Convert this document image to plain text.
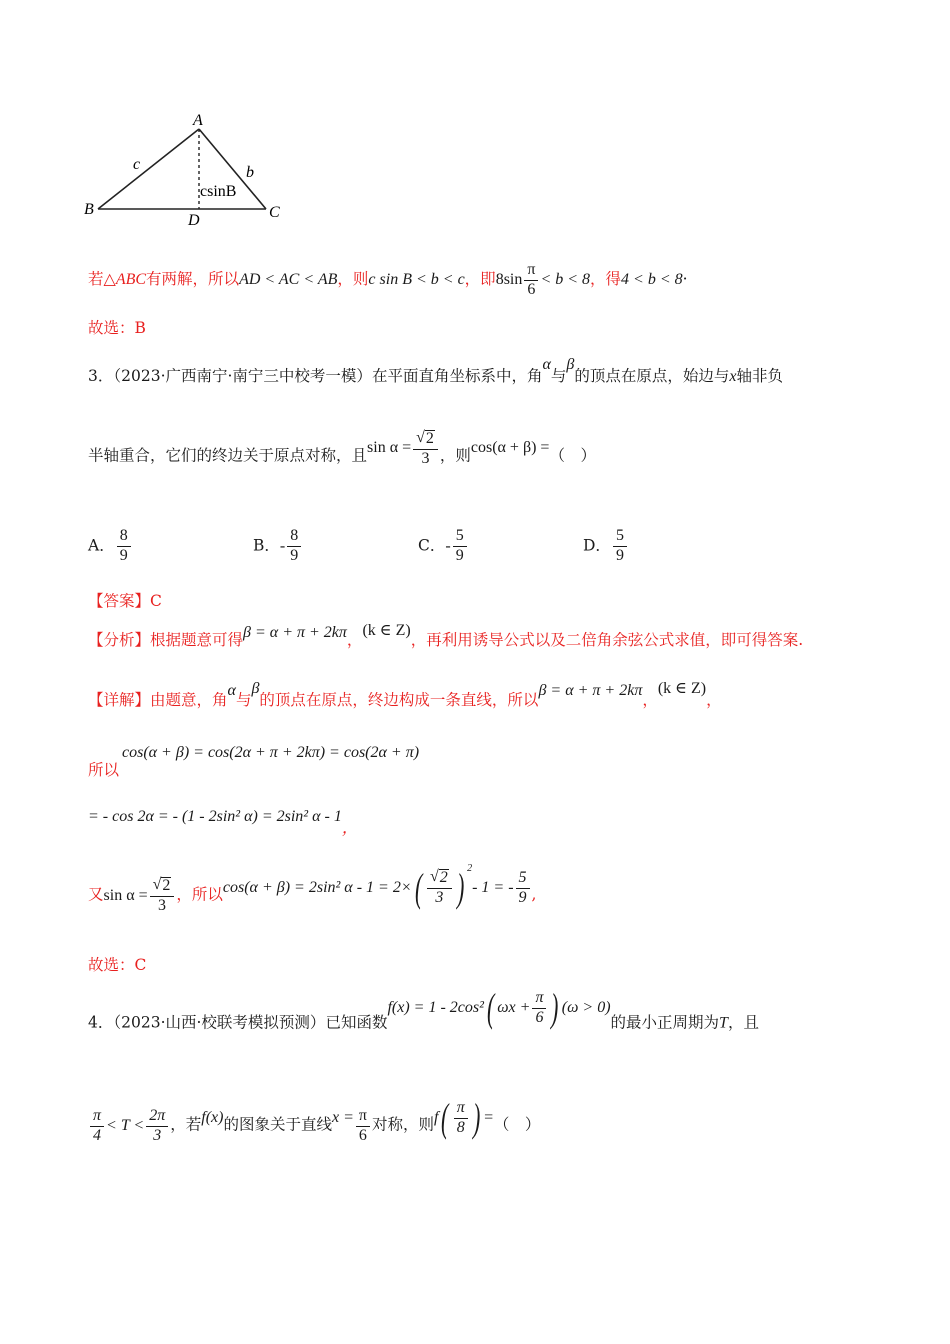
A
B	C
D
c	b
csinB
若△ABC有两解，所以AD < AC < AB，则c sin B < b < c，即$8\sin \frac{\pi}{6} < b < 8$，得4 < b < 8·
故选：B
3．（2023·广西南宁·南宁三中校考一模）在平面直角坐标系中，角α与β的顶点在原点，始边与x轴非负
半轴重合，它们的终边关于原点对称，且$\sin \alpha = \frac{√ 2}{3}$ ，则cos(α + β) =（　）
A． $\frac{8}{9}$	B．- $\frac{8}{9}$	C．- $\frac{5}{9}$	D． $\frac{5}{9}$
【答案】C
【分析】根据题意可得β = α + π + 2kπ，(k ∈ Z)，再利用诱导公式以及二倍角余弦公式求值，即可得答案.
【详解】由题意，角α与β的顶点在原点，终边构成一条直线，所以β = α + π + 2kπ，(k ∈ Z)，
所以
cos(α + β) = cos(2α + π + 2kπ) = cos(2α + π)
= - cos 2α = - (1 - 2sin² α) = 2sin² α - 1，
又$\sin \alpha = \frac{√ 2}{3}$ ，所以cos(α + β) = 2sin² $\alpha - 1 = 2\times( \frac{√ 2}{3}$ ) $^2$- 1 = - $\frac{5}{9}$ ,
故选：C
4．（2023·山西·校联考模拟预测）已知函数f(x) = 1 - 2cos²( $\omega x + \frac{\pi}{6}$ ) (ω > 0)的最小正周期为T，且
$\frac{\pi}{4} < T < \frac{2\pi}{3}$ ，若f(x)的图象关于直线$x = \frac{\pi}{6}$ 对称，则$f( \frac{\pi}{8}$ ) =（　）
